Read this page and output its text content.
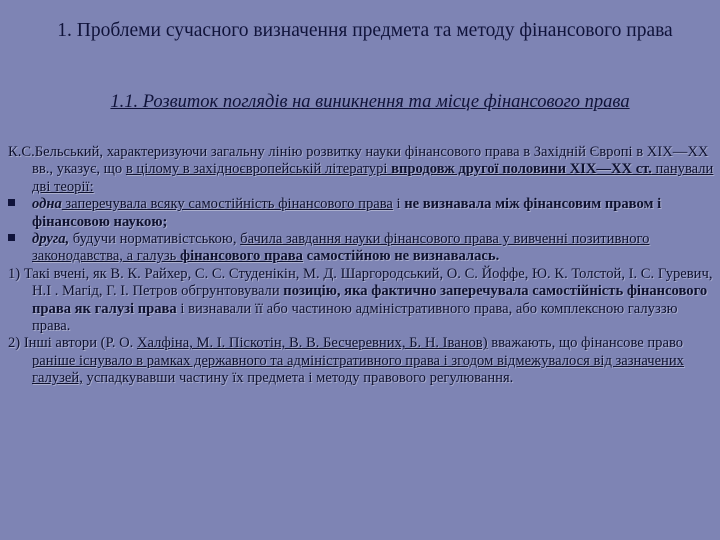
1. Проблеми сучасного визначення предмета та методу фінансового права
1.1. Розвиток поглядів на виникнення та місце фінансового права

К.С.Бельський, характеризуючи загальну лінію розвитку науки фінансового права в Західній Європі в XIX—XX вв., указує, що в цілому в західноєвропейській літературі впродовж другої половини XIX—XX ст. панували дві теорії:

одна заперечувала всяку самостійність фінансового права і не визнавала між фінансовим правом і фінансовою наукою;

друга, будучи нормативістською, бачила завдання науки фінансового права у вивченні позитивного законодавства, а галузь фінансового права самостійною не визнавалась.

1) Такі вчені, як В. К. Райхер, С. С. Студенікін, М. Д. Шаргородський, О. С. Йоффе, Ю. К. Толстой, І. С. Гуревич, Н.І . Магід, Г. І. Петров обгрунтовували позицію, яка фактично заперечувала самостійність фінансового права як галузі права і визнавали її або частиною адміністративного права, або комплексною галуззю права.

2) Інші автори (Р. О. Халфіна, М. І. Піскотін, В. В. Бесчеревних, Б. Н. Іванов) вважають, що фінансове право раніше існувало в рамках державного та адміністративного права і згодом відмежувалося від зазначених галузей, успадкувавши частину їх предмета і методу правового регулювання.
